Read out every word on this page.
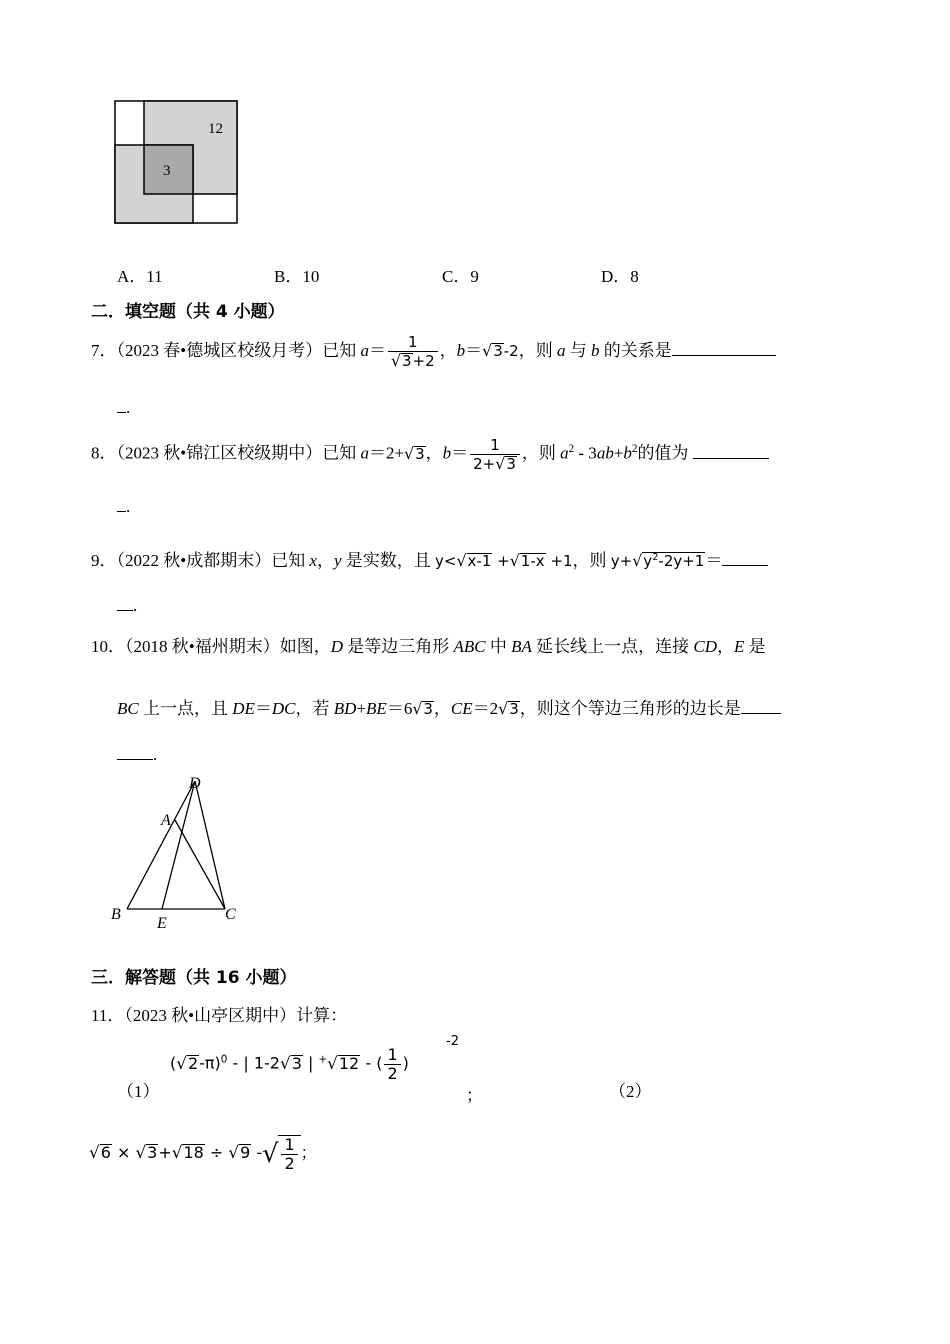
12
3
A．11	B．10	C．9	D．8
二．填空题（共 4 小题）
7．（2023 春•德城区校级月考）已知 $a= \frac{1}{√3+2}$ ，b＝√3-2，则 a 与 b 的关系是
.
8．（2023 秋•锦江区校级期中）已知 a＝2+√3，$b= \frac{1}{2+√3}$ ，则 $a^2 - 3ab+b^2$的值为
.
9．（2022 秋•成都期末）已知 x，y 是实数，且 y<√x-1 +√1-x +1，则 $y+√y^2-2y+1=$
.
10．（2018 秋•福州期末）如图，D 是等边三角形 ABC 中 BA 延长线上一点，连接 CD，E 是
BC 上一点，且 DE＝DC，若 BD+BE＝6√3，CE＝2√3，则这个等边三角形的边长是
.
D
A
B
E
C
三．解答题（共 16 小题）
11．（2023 秋•山亭区期中）计算：
（1）
$(√2-\pi)^0$ - | 1-2√3 | +√12 - ( $\frac{1}{2}$ )
-2
；	（2）
√6 × √3+√18 ÷ √9 -√ $\frac{1}{2}$ ；
